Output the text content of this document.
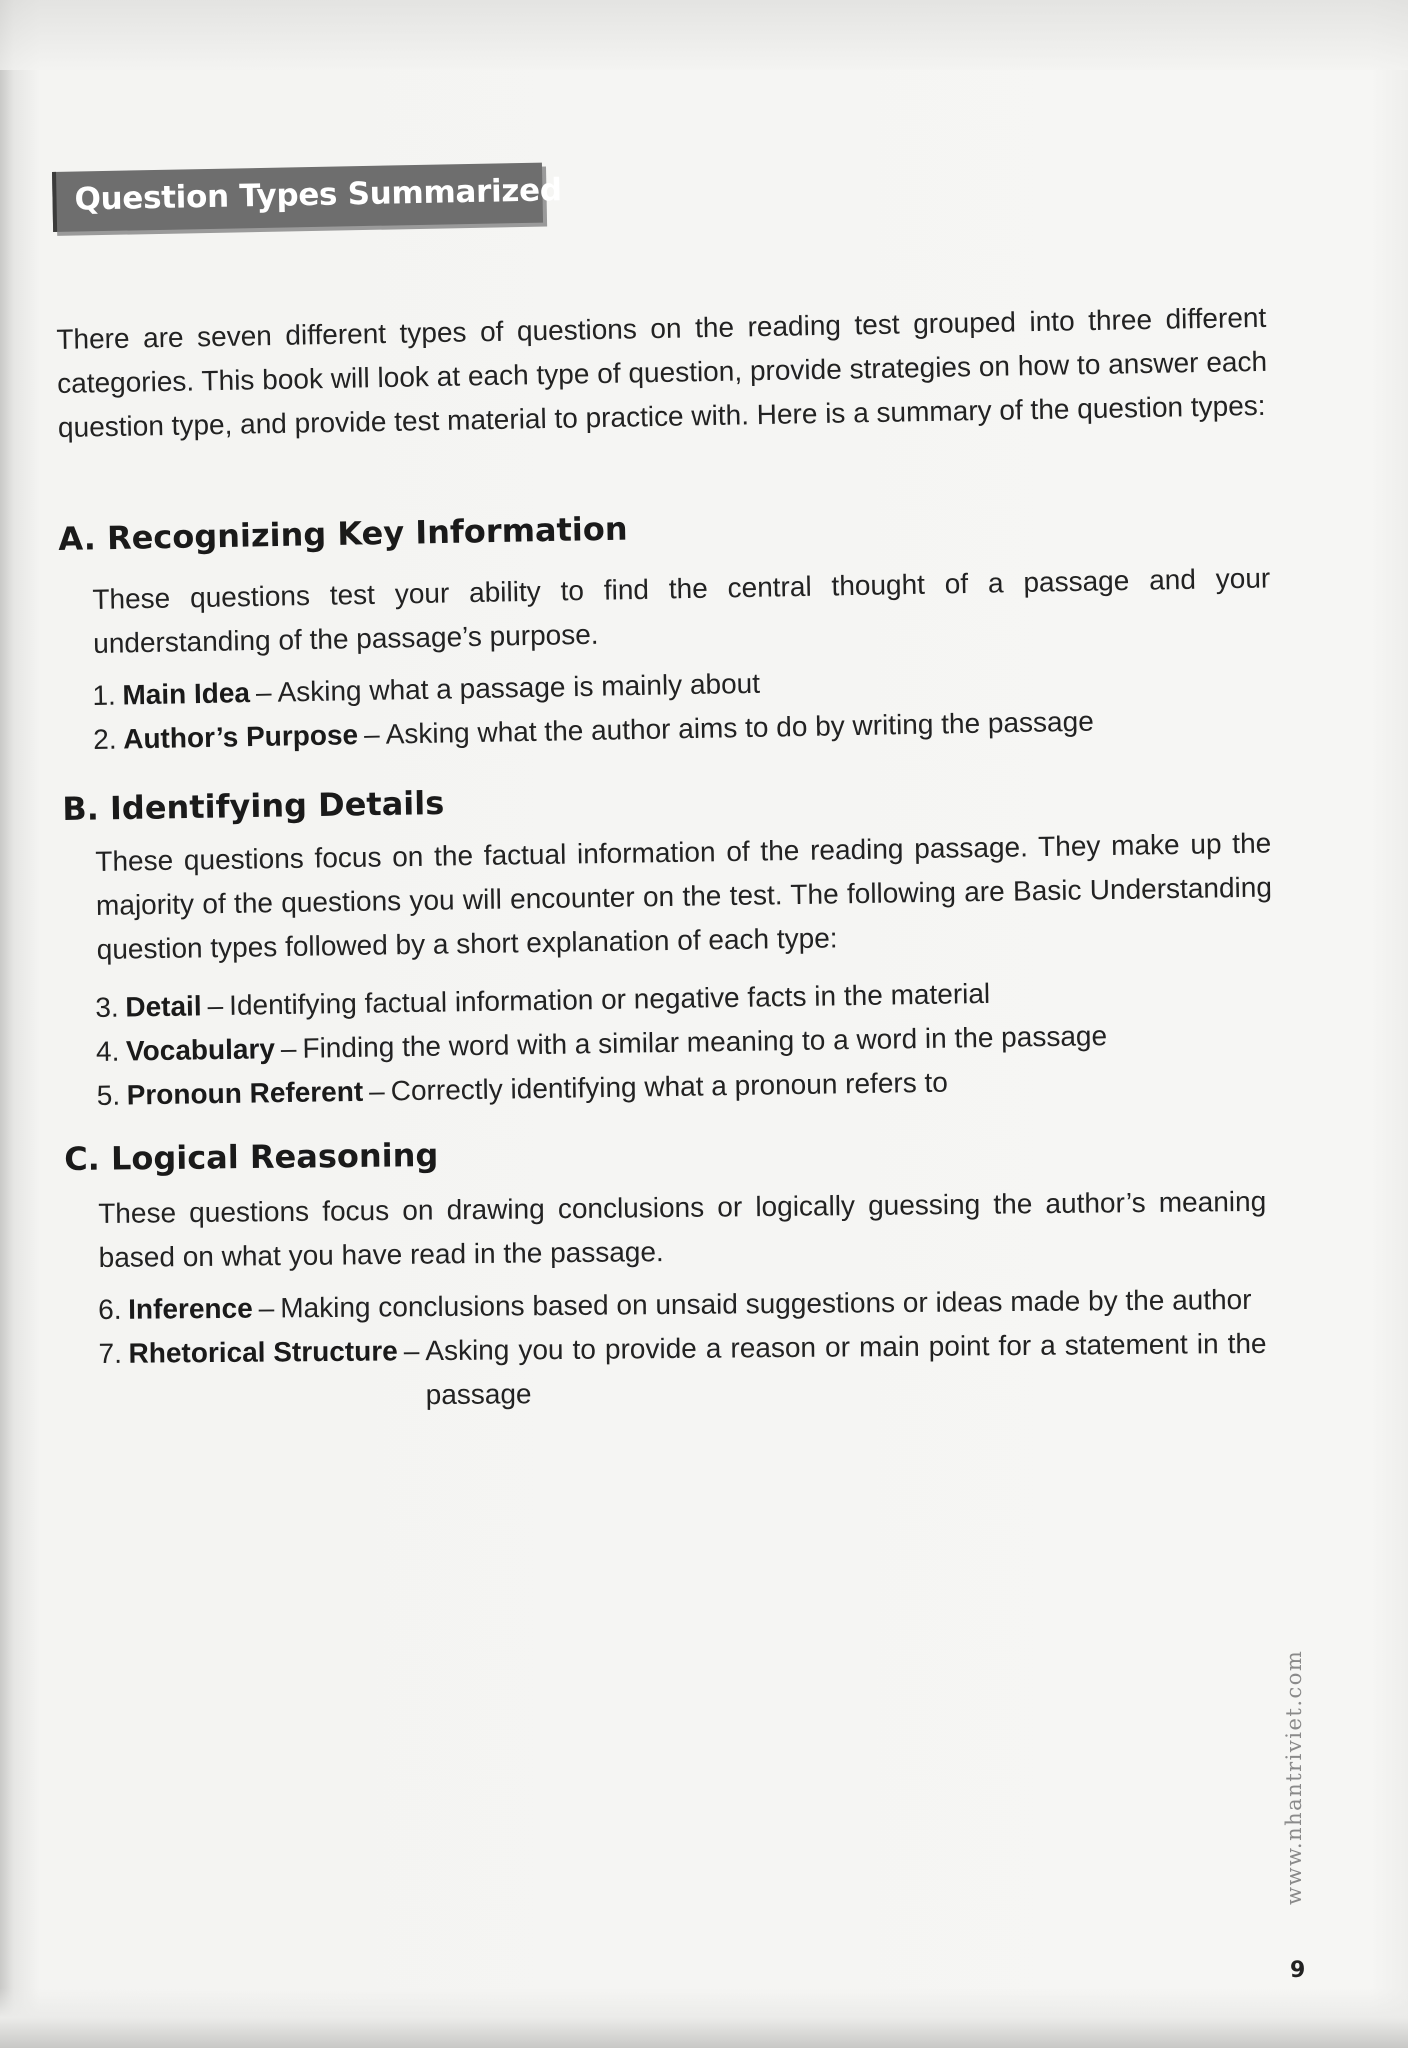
Question Types Summarized
There are seven different types of questions on the reading test grouped into three different categories. This book will look at each type of question, provide strategies on how to answer each question type, and provide test material to practice with. Here is a summary of the question types:
A. Recognizing Key Information
These questions test your ability to find the central thought of a passage and your understanding of the passage’s purpose.
1. Main Idea – Asking what a passage is mainly about
2. Author’s Purpose – Asking what the author aims to do by writing the passage
B. Identifying Details
These questions focus on the factual information of the reading passage. They make up the majority of the questions you will encounter on the test. The following are Basic Understanding question types followed by a short explanation of each type:
3. Detail – Identifying factual information or negative facts in the material
4. Vocabulary – Finding the word with a similar meaning to a word in the passage
5. Pronoun Referent – Correctly identifying what a pronoun refers to
C. Logical Reasoning
These questions focus on drawing conclusions or logically guessing the author’s meaning based on what you have read in the passage.
6. Inference – Making conclusions based on unsaid suggestions or ideas made by the author
7. Rhetorical Structure – Asking you to provide a reason or main point for a statement in the passage
www.nhantriviet.com
9
